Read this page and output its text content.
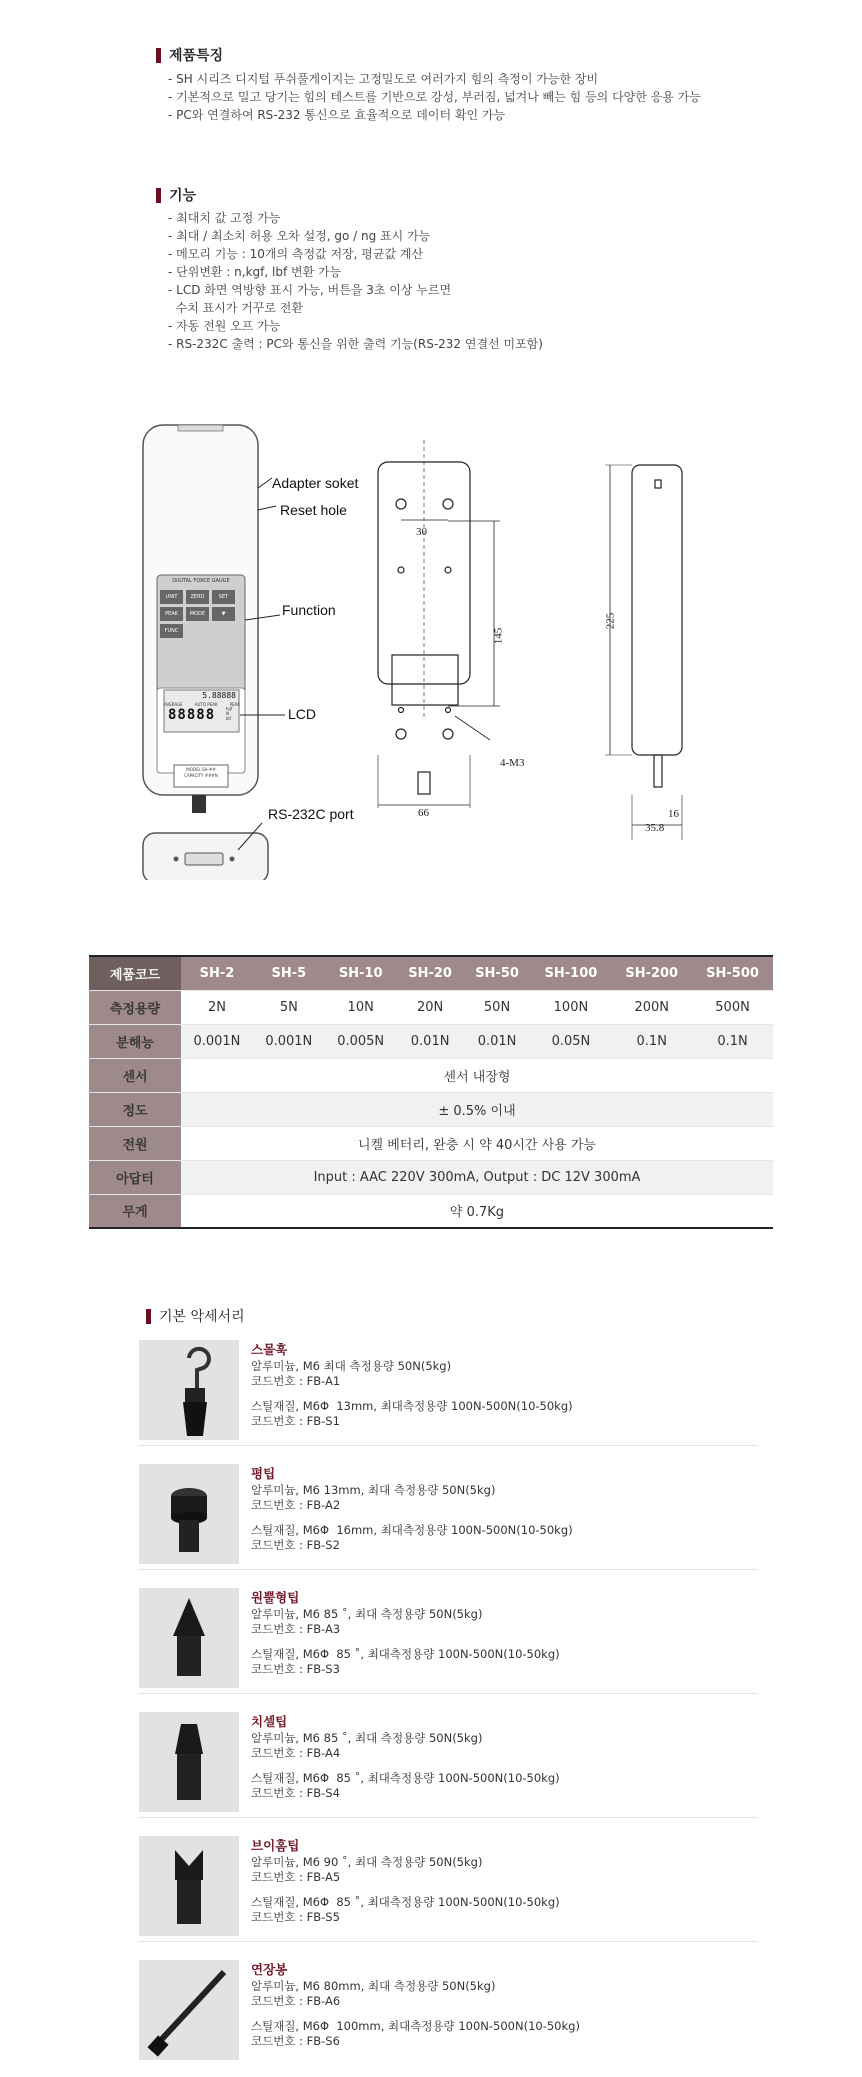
제품특징
- SH 시리즈 디지털 푸쉬풀게이지는 고정밀도로 여러가지 힘의 측정이 가능한 장비
- 기본적으로 밀고 당기는 힘의 테스트를 기반으로 강성, 부러짐, 넓겨나 빼는 힘 등의 다양한 응용 가능
- PC와 연결하여 RS-232 통신으로 효율적으로 데이터 확인 가능
기능
- 최대치 값 고정 가능
- 최대 / 최소치 허용 오차 설정, go / ng 표시 가능
- 메모리 기능 : 10개의 측정값 저장, 평균값 계산
- 단위변환 : n,kgf, lbf 변환 가능
- LCD 화면 역방향 표시 가능, 버튼을 3초 이상 누르면
수치 표시가 거꾸로 전환
- 자동 전원 오프 가능
- RS-232C 출력 : PC와 통신을 위한 출력 기능(RS-232 연결선 미포함)
DIGITAL FORCE GAUGE
UNIT	ZERO	SET
PEAK	MODE	▼
FUNC
5.88888
AVERAGE	AUTO PEAK	PEAK
88888	kgf
N
lbf
MODEL SH-##
CAPACITY ###N
Adapter soket
Reset hole
Function
LCD
RS-232C port
30
145
225
4-M3
66	16
35.8
제품코드	SH-2	SH-5	SH-10	SH-20	SH-50	SH-100	SH-200	SH-500
측정용량	2N	5N	10N	20N	50N	100N	200N	500N
분해능	0.001N	0.001N	0.005N	0.01N	0.01N	0.05N	0.1N	0.1N
센서	센서 내장형							
정도	± 0.5% 이내							
전원	니켈 베터리, 완충 시 약 40시간 사용 가능							
아답터	Input : AAC 220V 300mA, Output : DC 12V 300mA							
무게	약 0.7Kg							
기본 악세서리
스몰훅
알루미늄, M6 최대 측정용량 50N(5kg)
코드번호 : FB-A1
스틸재질, M6Φ  13mm, 최대측정용량 100N-500N(10-50kg)
코드번호 : FB-S1
평팁
알루미늄, M6 13mm, 최대 측정용량 50N(5kg)
코드번호 : FB-A2
스틸재질, M6Φ  16mm, 최대측정용량 100N-500N(10-50kg)
코드번호 : FB-S2
원뿔형팁
알루미늄, M6 85 ˚, 최대 측정용량 50N(5kg)
코드번호 : FB-A3
스틸재질, M6Φ  85 ˚, 최대측정용량 100N-500N(10-50kg)
코드번호 : FB-S3
치셀팁
알루미늄, M6 85 ˚, 최대 측정용량 50N(5kg)
코드번호 : FB-A4
스틸재질, M6Φ  85 ˚, 최대측정용량 100N-500N(10-50kg)
코드번호 : FB-S4
브이홈팁
알루미늄, M6 90 ˚, 최대 측정용량 50N(5kg)
코드번호 : FB-A5
스틸재질, M6Φ  85 ˚, 최대측정용량 100N-500N(10-50kg)
코드번호 : FB-S5
연장봉
알루미늄, M6 80mm, 최대 측정용량 50N(5kg)
코드번호 : FB-A6
스틸재질, M6Φ  100mm, 최대측정용량 100N-500N(10-50kg)
코드번호 : FB-S6
